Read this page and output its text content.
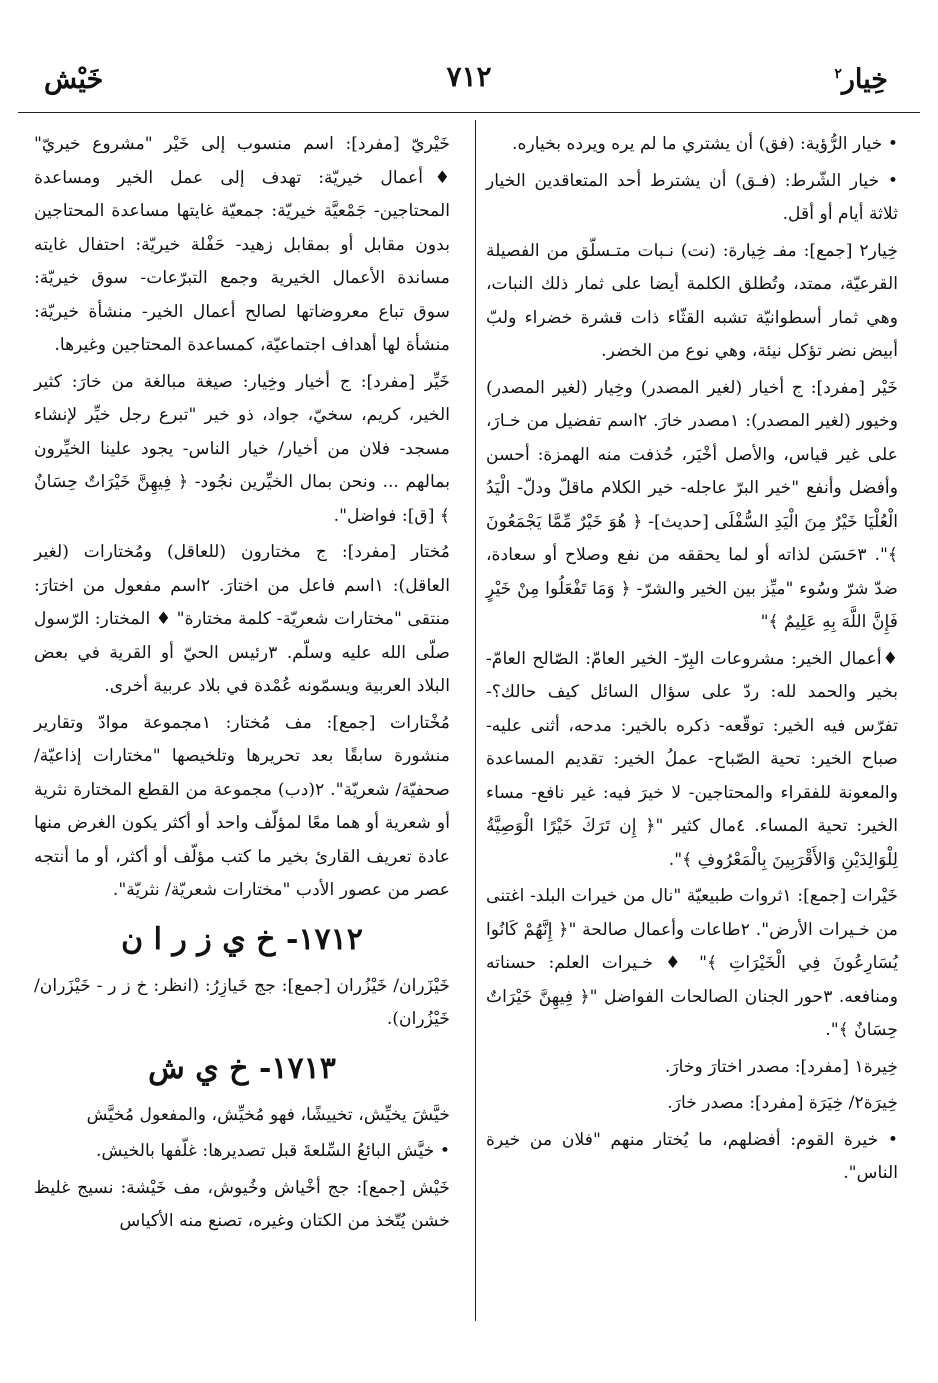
خِيار$^٢$
٧١٢
خَيْش

• خيار الرُّؤية: (فق) أن يشتري ما لم يره ويرده بخياره.

• خيار الشّرط: (فـق) أن يشترط أحد المتعاقدين الخيار ثلاثة أيام أو أقل.

خِيار٢ [جمع]: مفـ خِيارة: (نت) نـبات متـسلّق من الفصيلة القرعيّة، ممتد، وتُطلق الكلمة أيضا على ثمار ذلك النبات، وهي ثمار أسطوانيّة تشبه القثّاء ذات قشرة خضراء ولبّ أبيض نضر تؤكل نيئة، وهي نوع من الخضر.

خَيْر [مفرد]: ج أخيار (لغير المصدر) وخِيار (لغير المصدر) وخيور (لغير المصدر): ١مصدر خارَ. ٢اسم تفضيل من خـارَ، على غير قياس، والأصل أخْيَر، حُذفت منه الهمزة: أحسن وأفضل وأنفع "خير البرّ عاجله- خير الكلام ماقلّ ودلّ- الْيَدُ الْعُلْيَا خَيْرٌ مِنَ الْيَدِ السُّفْلَى [حديث]- ﴿ هُوَ خَيْرٌ مِّمَّا يَجْمَعُونَ ﴾". ٣حَسَن لذاته أو لما يحققه من نفع وصلاح أو سعادة، ضدّ شرّ وسُوء "ميِّز بين الخير والشرّ- ﴿ وَمَا تَفْعَلُوا مِنْ خَيْرٍ فَإِنَّ اللَّهَ بِهِ عَلِيمٌ ﴾"

♦أعمال الخير: مشروعات البِرّ- الخير العامّ: الصّالح العامّ- بخير والحمد لله: ردّ على سؤال السائل كيف حالك؟- تفرّس فيه الخير: توقّعه- ذكره بالخير: مدحه، أثنى عليه- صباح الخير: تحية الصّباح- عملُ الخير: تقديم المساعدة والمعونة للفقراء والمحتاجين- لا خيرَ فيه: غير نافع- مساء الخير: تحية المساء. ٤مال كثير "﴿ إِن تَرَكَ خَيْرًا الْوَصِيَّةُ لِلْوَالِدَيْنِ وَالأَقْرَبِينَ بِالْمَعْرُوفِ ﴾".

خَيْرات [جمع]: ١ثروات طبيعيّة "نال من خيرات البلد- اغتنى من خـيرات الأرض". ٢طاعات وأعمال صالحة "﴿ إِنَّهُمْ كَانُوا يُسَارِعُونَ فِي الْخَيْرَاتِ ﴾" ♦ خـيرات العلم: حسناته ومنافعه. ٣حور الجنان الصالحات الفواضل "﴿ فِيهِنَّ خَيْرَاتٌ حِسَانٌ ﴾".

خِيرة١ [مفرد]: مصدر اختارَ وخارَ.

خِيرَة٢/ خِيَرَة [مفرد]: مصدر خارَ.

• خيرة القوم: أفضلهم، ما يُختار منهم "فلان من خيرة الناس".

خَيْريّ [مفرد]: اسم منسوب إلى خَيْر "مشروع خيريّ" ♦أعمال خيريّة: تهدف إلى عمل الخير ومساعدة المحتاجين- جَمْعيَّة خيريّة: جمعيّة غايتها مساعدة المحتاجين بدون مقابل أو بمقابل زهيد- حَفْلة خيريّة: احتفال غايته مساندة الأعمال الخيرية وجمع التبرّعات- سوق خيريّة: سوق تباع معروضاتها لصالح أعمال الخير- منشأة خيريّة: منشأة لها أهداف اجتماعيّة، كمساعدة المحتاجين وغيرها.

خَيِّر [مفرد]: ج أخيار وخِيار: صيغة مبالغة من خارَ: كثير الخير، كريم، سخيّ، جواد، ذو خير "تبرع رجل خيِّر لإنشاء مسجد- فلان من أخيار/ خيار الناس- يجود علينا الخيِّرون بمالهم ... ونحن بمال الخيِّرين نجُود- ﴿ فِيهِنَّ خَيْرَاتٌ حِسَانٌ ﴾ [ق]: فواضل".

مُختار [مفرد]: ج مختارون (للعاقل) ومُختارات (لغير العاقل): ١اسم فاعل من اختارَ. ٢اسم مفعول من اختارَ: منتقى "مختارات شعريّة- كلمة مختارة" ♦ المختار: الرّسول صلّى الله عليه وسلّم. ٣رئيس الحيّ أو القرية في بعض البلاد العربية ويسمّونه عُمْدة في بلاد عربية أخرى.

مُخْتارات [جمع]: مف مُختار: ١مجموعة موادّ وتقارير منشورة سابقًا بعد تحريرها وتلخيصها "مختارات إذاعيّة/ صحفيّة/ شعريّة". ٢(دب) مجموعة من القطع المختارة نثرية أو شعرية أو هما معًا لمؤلّف واحد أو أكثر يكون الغرض منها عادة تعريف القارئ بخير ما كتب مؤلّف أو أكثر، أو ما أنتجه عصر من عصور الأدب "مختارات شعريّة/ نثريّة".

١٧١٢- خ ي ز ر ا ن

خَيْزَران/ خَيْزُران [جمع]: جج خَيازِرُ: (انظر: خ ز ر - خَيْزَران/ خَيْزُران).

١٧١٣- خ ي ش

خيَّشَ يخيِّش، تخييشًا، فهو مُخيِّش، والمفعول مُخيَّش

• خيَّش البائعُ السِّلعةَ قبل تصديرها: غلّفها بالخيش.

خَيْش [جمع]: جج أخْياش وخُيوش، مف خَيْشة: نسيج غليظ خشن يُتّخذ من الكتان وغيره، تصنع منه الأكياس
